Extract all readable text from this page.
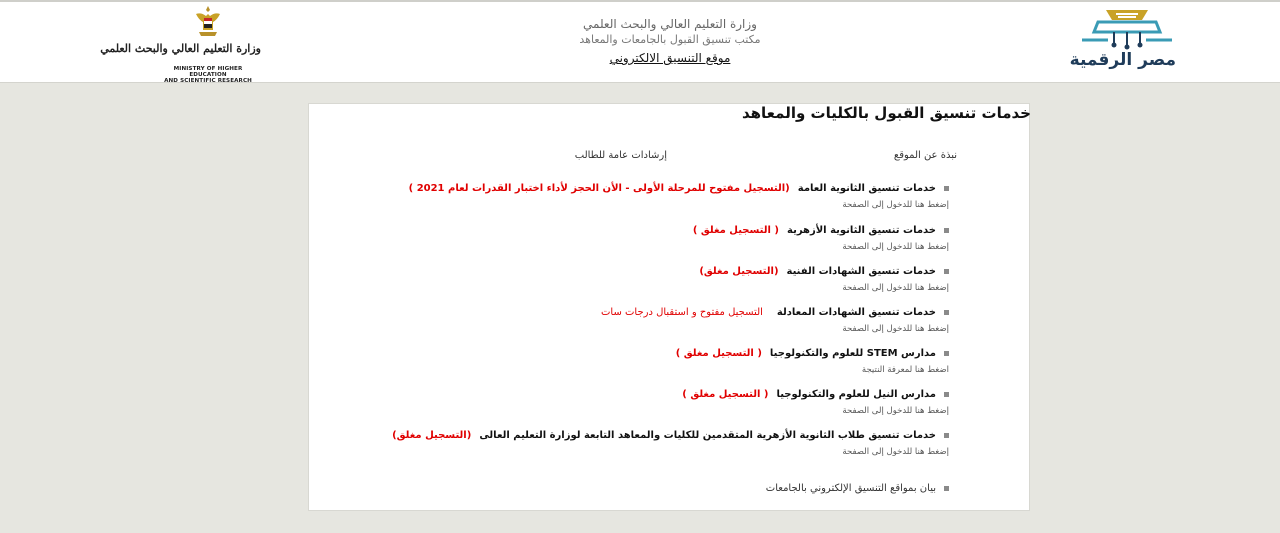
وزارة التعليم العالي والبحث العلمي
MINISTRY OF HIGHER EDUCATION
AND SCIENTIFIC RESEARCH
وزارة التعليم العالي والبحث العلمي
مكتب تنسيق القبول بالجامعات والمعاهد
موقع التنسيق الالكتروني	مصر الرقمية
خدمات تنسيق القبول بالكليات والمعاهد
نبذة عن الموقع
إرشادات عامة للطالب
خدمات تنسيق الثانوية العامة(التسجيل مفتوح للمرحلة الأولى - الأن الحجز لأداء اختبار القدرات لعام 2021 )
إضغط هنا للدخول إلى الصفحة
خدمات تنسيق الثانوية الأزهرية( التسجيل مغلق )
إضغط هنا للدخول إلى الصفحة
خدمات تنسيق الشهادات الفنية(التسجيل مغلق)
إضغط هنا للدخول إلى الصفحة
خدمات تنسيق الشهادات المعادلةالتسجيل مفتوح و استقبال درجات سات
إضغط هنا للدخول إلى الصفحة
مدارس STEM للعلوم والتكنولوجيا( التسجيل مغلق )
اضغط هنا لمعرفة النتيجة
مدارس النيل للعلوم والتكنولوجيا( التسجيل مغلق )
إضغط هنا للدخول إلى الصفحة
خدمات تنسيق طلاب الثانوية الأزهرية المتقدمين للكليات والمعاهد التابعة لوزارة التعليم العالى(التسجيل مغلق)
إضغط هنا للدخول إلى الصفحة
بيان بمواقع التنسيق الإلكتروني بالجامعات
